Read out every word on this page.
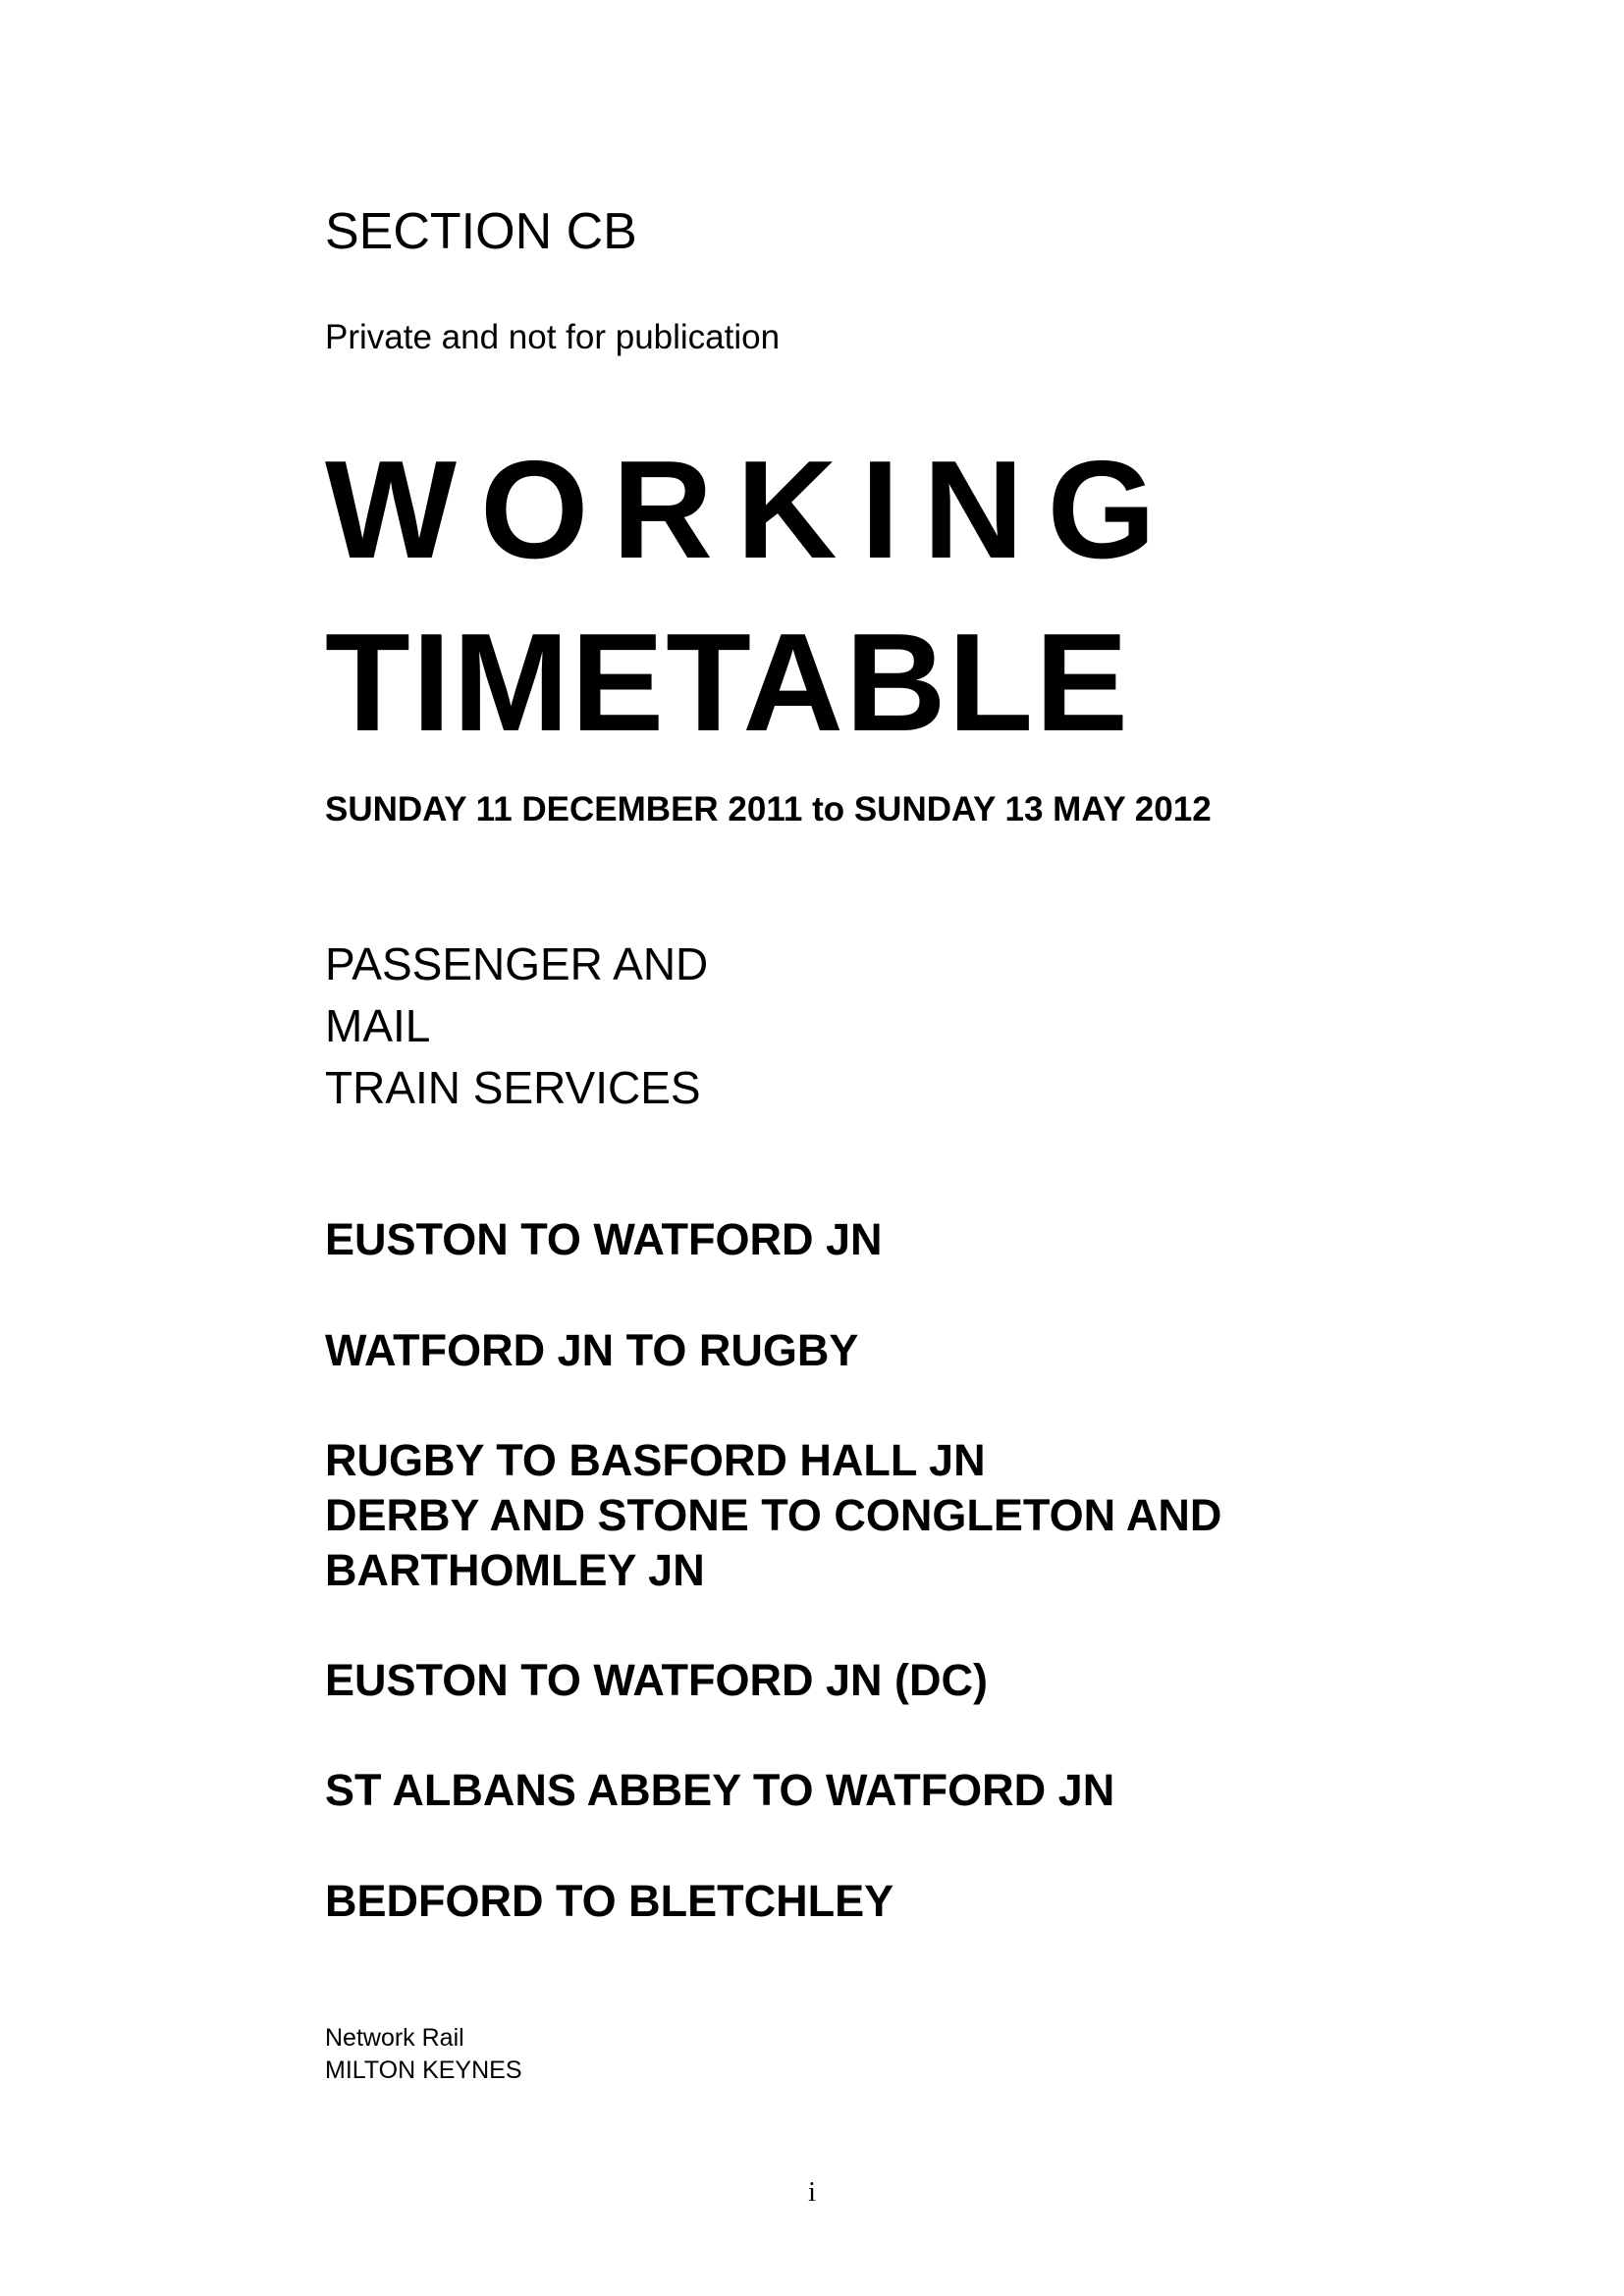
SECTION CB
Private and not for publication
WORKING
TIMETABLE
SUNDAY 11 DECEMBER 2011 to SUNDAY 13 MAY 2012
PASSENGER AND
MAIL
TRAIN SERVICES
EUSTON TO WATFORD JN
WATFORD JN TO RUGBY
RUGBY TO BASFORD HALL JN
DERBY AND STONE TO CONGLETON AND
BARTHOMLEY JN
EUSTON TO WATFORD JN (DC)
ST ALBANS ABBEY TO WATFORD JN
BEDFORD TO BLETCHLEY
Network Rail
MILTON KEYNES
i
